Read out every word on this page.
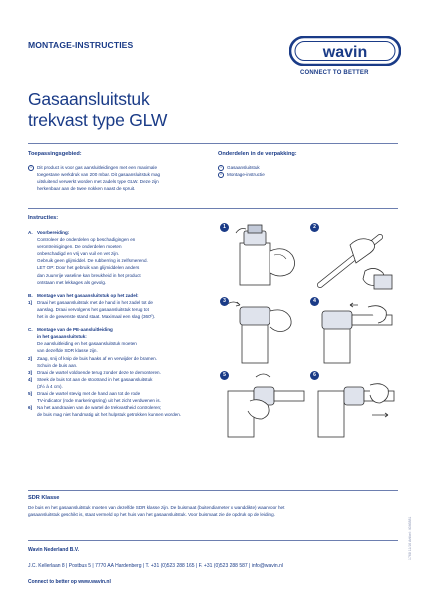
MONTAGE-INSTRUCTIES	wavin
CONNECT TO BETTER
Gasaansluitstuk
trekvast type GLW
Toepassingsgebied:
1	Dit product is voor gas aansluitleidingen met een maximale
toegestane werkdruk van 200 mbar. Dit gasaansluitstuk mag
uitsluitend verwerkt worden met zadels type GLW. Deze zijn
herkenbaar aan de twee nokken naast de spruit.
Onderdelen in de verpakking:
1	Gasaansluitstuk
2	Montage-instructie
Instructies:
A. Voorbereiding:
Controleer de onderdelen op beschadigingen en
verontreinigingen. De onderdelen moeten
onbeschadigd en vrij van vuil en vet zijn.
Gebruik geen glijmiddel. De rubberring is zelfsmerend.
LET OP: Door het gebruik van glijmiddelen anders
dan zuurvrije vaseline kan breukheid in het product
ontstaan met lekkages als gevolg.
B. Montage van het gasaansluitstuk op het zadel:
1] Draai het gasaansluitstuk met de hand in het zadel tot de
aanslag. Draai vervolgens het gasaansluitstuk terug tot
het in de gewenste stand staat. Maximaal een slag (360º).
C. Montage van de PE-aansluitleiding
in het gasaansluitstuk:
De aansluitleiding en het gasaansluitstuk moeten
van dezelfde SDR klasse zijn.
2] Zaag, snij of knip de buis haaks af en verwijder de bramen.
Schuin de buis aan.
3] Draai de wartel voldoende terug zonder deze te demonteren.
4] Steek de buis tot aan de stootrand in het gasaansluitstuk
(3½ à 4 cm).
5] Draai de wartel stevig met de hand aan tot de rode
TV-indicator (rode markeringsring) uit het zicht verdwenen is.
6] Na het aandraaien van de wartel de trekvastheid controleren;
de buis mag niet handmatig uit het hulpstuk getrokken kunnen worden.
1	2
3	4
5	6
SDR Klasse
De buis en het gasaansluitstuk moeten van dezelfde SDR klasse zijn. De buismaat (buitendiameter x wanddikte) waarvoor het
gasaansluitstuk geschikt is, staat vermeld op het huis van het gasaansluitstuk. Voor buismaat zie de opdruk op de leiding.
Wavin Nederland B.V.
J.C. Kellerlaan 8 | Postbus 5 | 7770 AA Hardenberg | T. +31 (0)523 288 165 | F. +31 (0)523 288 587 | info@wavin.nl
Connect to better op www.wavin.nl
1768 11/16 Artikel: 4046881
